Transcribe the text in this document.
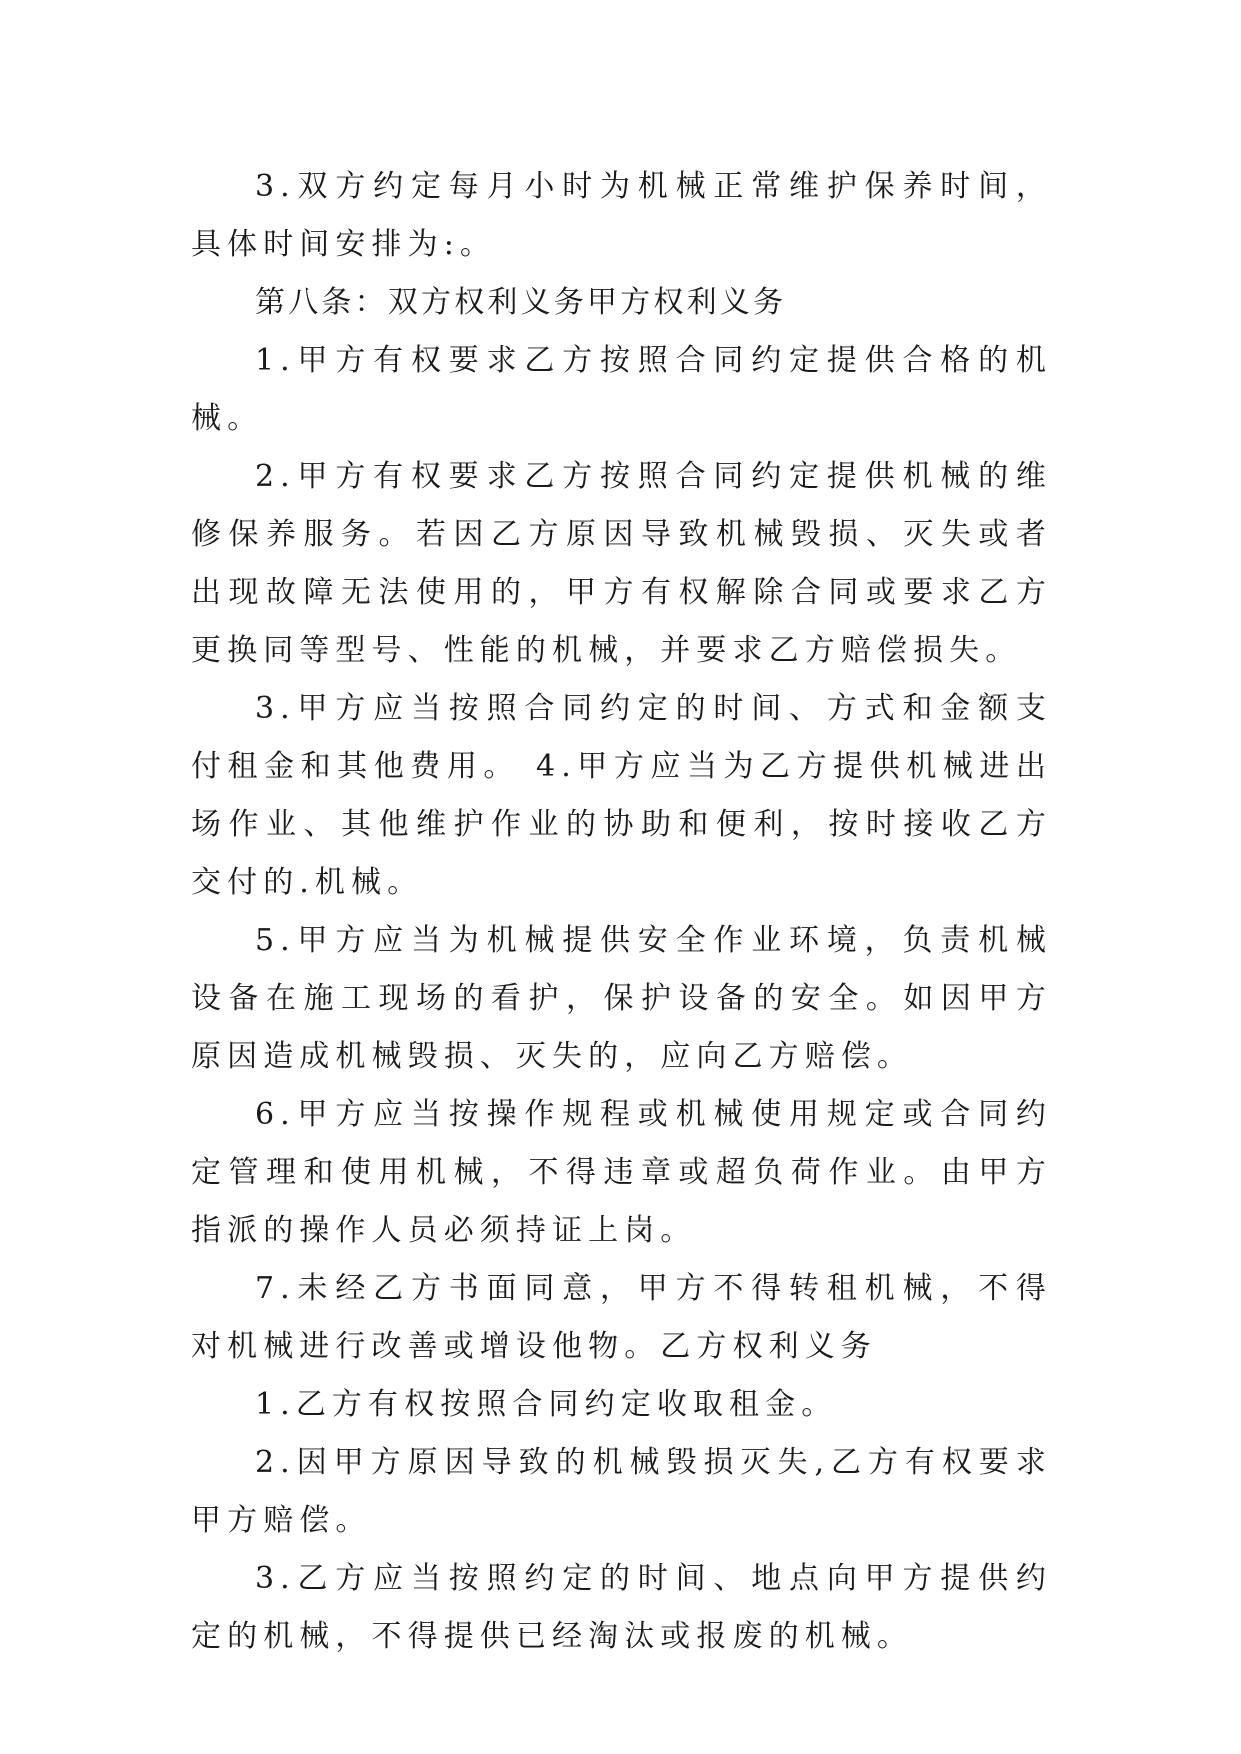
3.双方约定每月小时为机械正常维护保养时间，具体时间安排为:。

第八条：双方权利义务甲方权利义务

1.甲方有权要求乙方按照合同约定提供合格的机械。

2.甲方有权要求乙方按照合同约定提供机械的维修保养服务。若因乙方原因导致机械毁损、灭失或者出现故障无法使用的，甲方有权解除合同或要求乙方更换同等型号、性能的机械，并要求乙方赔偿损失。

3.甲方应当按照合同约定的时间、方式和金额支付租金和其他费用。 4.甲方应当为乙方提供机械进出场作业、其他维护作业的协助和便利，按时接收乙方交付的.机械。

5.甲方应当为机械提供安全作业环境，负责机械设备在施工现场的看护，保护设备的安全。如因甲方原因造成机械毁损、灭失的，应向乙方赔偿。

6.甲方应当按操作规程或机械使用规定或合同约定管理和使用机械，不得违章或超负荷作业。由甲方指派的操作人员必须持证上岗。

7.未经乙方书面同意，甲方不得转租机械，不得对机械进行改善或增设他物。乙方权利义务

1.乙方有权按照合同约定收取租金。

2.因甲方原因导致的机械毁损灭失,乙方有权要求甲方赔偿。

3.乙方应当按照约定的时间、地点向甲方提供约定的机械，不得提供已经淘汰或报废的机械。
